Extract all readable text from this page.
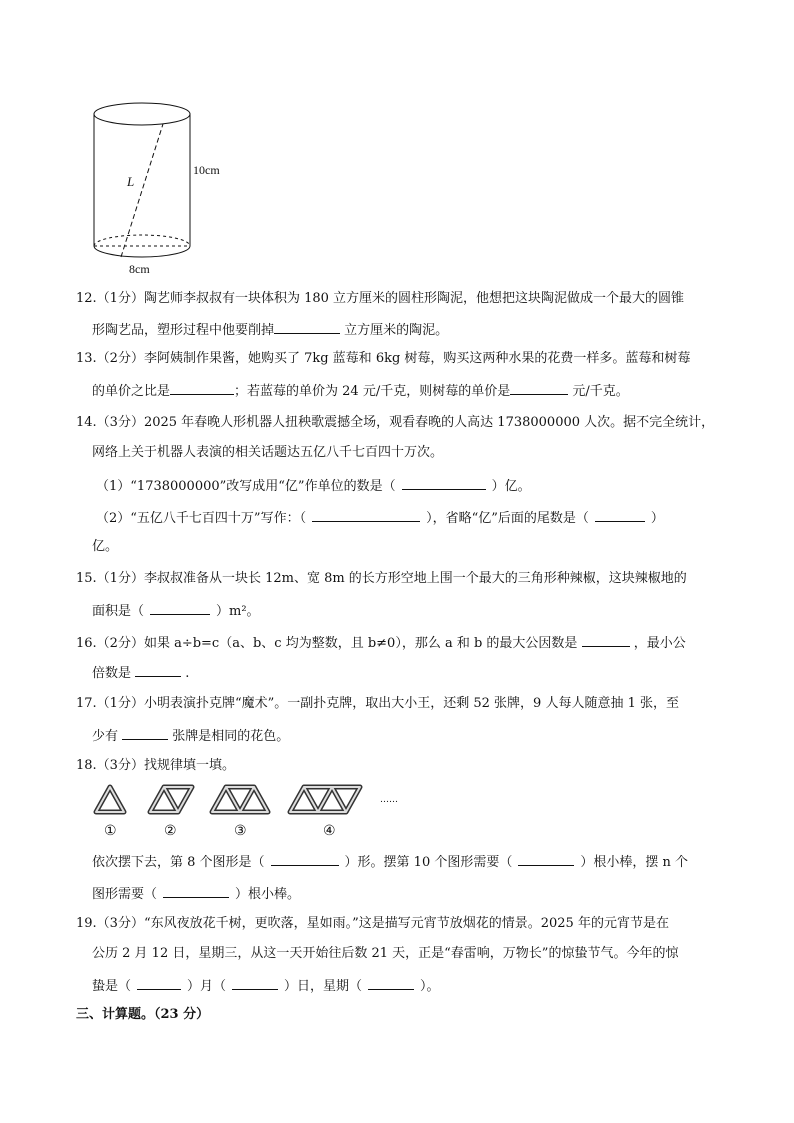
L
10cm
8cm
12.（1分）陶艺师李叔叔有一块体积为 180 立方厘米的圆柱形陶泥，他想把这块陶泥做成一个最大的圆锥
形陶艺品，塑形过程中他要削掉	立方厘米的陶泥。
13.（2分）李阿姨制作果酱，她购买了 7kg 蓝莓和 6kg 树莓，购买这两种水果的花费一样多。蓝莓和树莓
的单价之比是	；若蓝莓的单价为 24 元/千克，则树莓的单价是	元/千克。
14.（3分）2025 年春晚人形机器人扭秧歌震撼全场，观看春晚的人高达 1738000000 人次。据不完全统计，
网络上关于机器人表演的相关话题达五亿八千七百四十万次。
（1）“1738000000”改写成用“亿”作单位的数是（	）亿。
（2）“五亿八千七百四十万”写作：（	），省略“亿”后面的尾数是（	）
亿。
15.（1分）李叔叔准备从一块长 12m、宽 8m 的长方形空地上围一个最大的三角形种辣椒，这块辣椒地的
面积是（	）m²。
16.（2分）如果 a÷b=c（a、b、c 均为整数，且 b≠0），那么 a 和 b 的最大公因数是	，最小公
倍数是	.
17.（1分）小明表演扑克牌“魔术”。一副扑克牌，取出大小王，还剩 52 张牌，9 人每人随意抽 1 张，至
少有	张牌是相同的花色。
18.（3分）找规律填一填。
……
①	②	③	④
依次摆下去，第 8 个图形是（	）形。摆第 10 个图形需要（	）根小棒，摆 n 个
图形需要（	）根小棒。
19.（3分）“东风夜放花千树，更吹落，星如雨。”这是描写元宵节放烟花的情景。2025 年的元宵节是在
公历 2 月 12 日，星期三，从这一天开始往后数 21 天，正是“春雷响，万物长”的惊蛰节气。今年的惊
蛰是（	）月（	）日，星期（	）。
三、计算题。（23 分）
